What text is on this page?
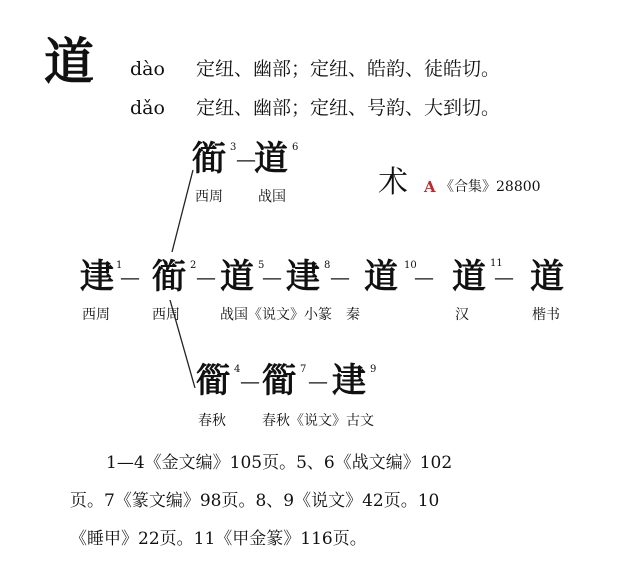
道 dào 定纽、幽部；定纽、皓韵、徒皓切。
dǎo 定纽、幽部；定纽、号韵、大到切。
术 A 《合集》28800
衜 3 —
道 6
西周	战国
䢖 1
— 衜 2 — 道 5
— 䢖 8 — 道 10
— 道 — 道
11
西周	西周	战国《说文》小篆 秦	汉	楷书
衟 4 — 衟 7 — 䢖 9
春秋	春秋《说文》古文
1—4《金文编》105页。5、6《战文编》102
页。7《篆文编》98页。8、9《说文》42页。10
《睡甲》22页。11《甲金篆》116页。
